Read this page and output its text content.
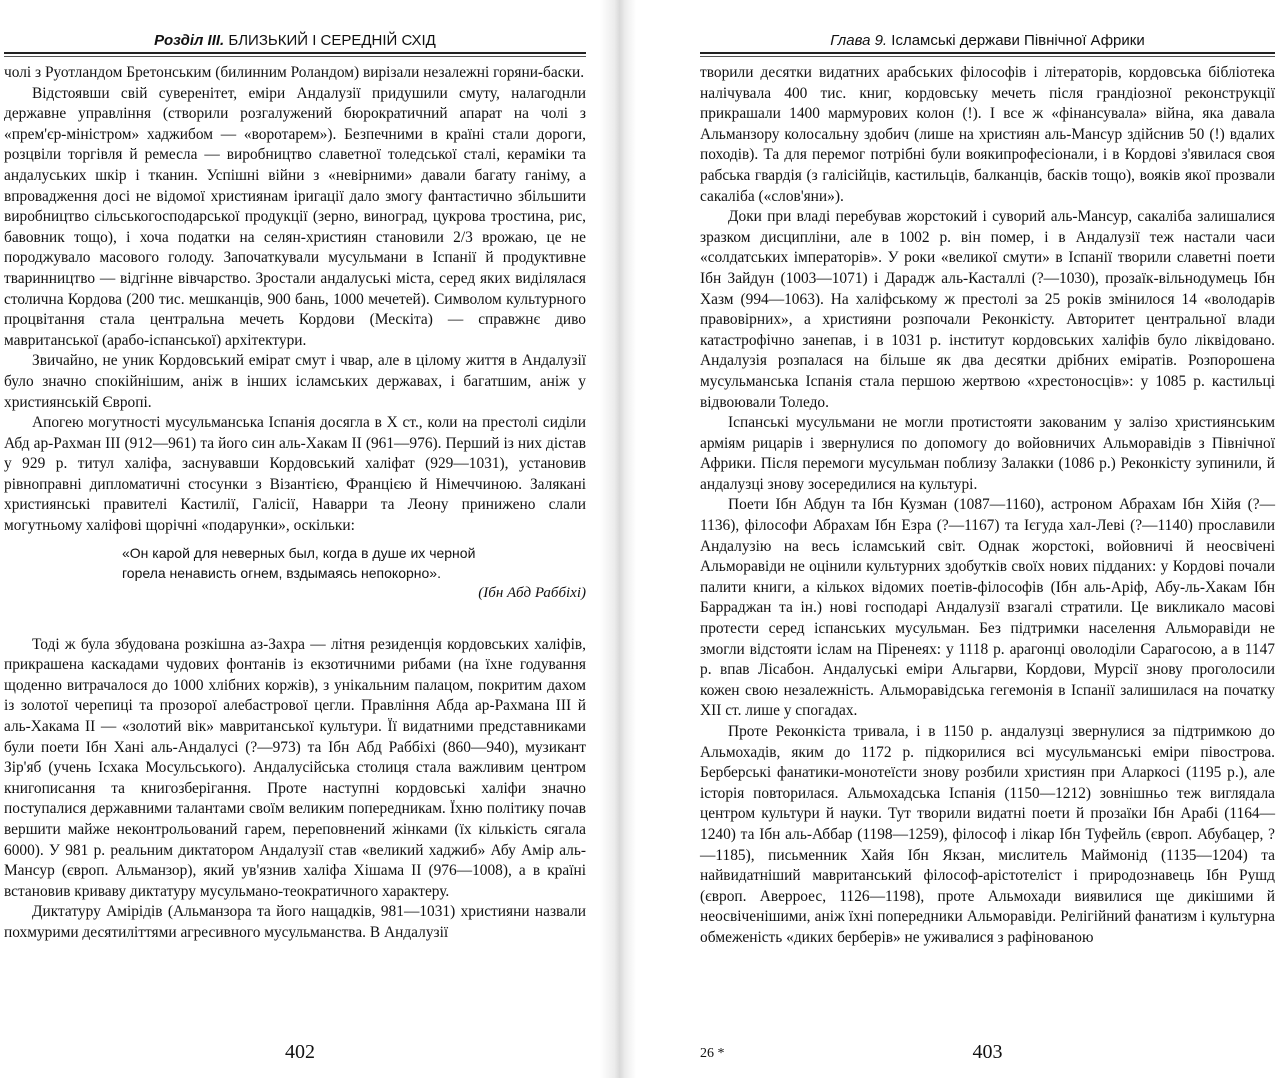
Розділ III. БЛИЗЬКИЙ І СЕРЕДНІЙ СХІД

чолі з Руотландом Бретонським (билинним Роландом) вирізали незалежні горяни-баски.

Відстоявши свій суверенітет, еміри Андалузії придушили смуту, налагоднли державне управління (створили розгалужений бюрократичний апарат на чолі з «прем'єр-міністром» хаджибом — «воротарем»). Безпечними в країні стали дороги, розцвіли торгівля й ремесла — виробництво славетної толедської сталі, кераміки та андалуських шкір і тканин. Успішні війни з «невірними» давали багату ганіму, а впровадження досі не відомої християнам іригації дало змогу фантастично збільшити виробництво сільськогосподарської продукції (зерно, виноград, цукрова тростина, рис, бавовник тощо), і хоча податки на селян-християн становили 2/3 врожаю, це не породжувало масового голоду. Започаткували мусульмани в Іспанії й продуктивне тваринництво — відгінне вівчарство. Зростали андалуські міста, серед яких виділялася столична Кордова (200 тис. мешканців, 900 бань, 1000 мечетей). Символом культурного процвітання стала центральна мечеть Кордови (Мескіта) — справжнє диво мавританської (арабо-іспанської) архітектури.

Звичайно, не уник Кордовський емірат смут і чвар, але в цілому життя в Андалузії було значно спокійнішим, аніж в інших ісламських державах, і багатшим, аніж у християнській Європі.

Апогею могутності мусульманська Іспанія досягла в X ст., коли на престолі сиділи Абд ар-Рахман III (912—961) та його син аль-Хакам II (961—976). Перший із них дістав у 929 р. титул халіфа, заснувавши Кордовський халіфат (929—1031), установив рівноправні дипломатичні стосунки з Візантією, Францією й Німеччиною. Залякані християнські правителі Кастилії, Галісії, Наварри та Леону принижено слали могутньому халіфові щорічні «подарунки», оскільки:

«Он карой для неверных был, когда в душе их черной
горела ненависть огнем, вздымаясь непокорно».
(Ібн Абд Раббіхі)

Тоді ж була збудована розкішна аз-Захра — літня резиденція кордовських халіфів, прикрашена каскадами чудових фонтанів із екзотичними рибами (на їхне годування щоденно витрачалося до 1000 хлібних коржів), з унікальним палацом, покритим дахом із золотої черепиці та прозорої алебастрової цегли. Правління Абда ар-Рахмана III й аль-Хакама II — «золотий вік» мавританської культури. Її видатними представниками були поети Ібн Хані аль-Андалусі (?—973) та Ібн Абд Раббіхі (860—940), музикант Зір'яб (учень Ісхака Мосульського). Андалусійська столиця стала важливим центром книгописання та книгозберігання. Проте наступні кордовські халіфи значно поступалися державними талантами своїм великим попередникам. Їхню політику почав вершити майже неконтрольований гарем, переповнений жінками (їх кількість сягала 6000). У 981 р. реальним диктатором Андалузії став «великий хаджиб» Абу Амір аль-Мансур (європ. Альманзор), який ув'язнив халіфа Хішама II (976—1008), а в країні встановив криваву диктатуру мусульмано-теократичного характеру.

Диктатуру Амірідів (Альманзора та його нащадків, 981—1031) християни назвали похмурими десятиліттями агресивного мусульманства. В Андалузії

402
Глава 9. Ісламські держави Північної Африки

творили десятки видатних арабських філософів і літераторів, кордовська бібліотека налічувала 400 тис. книг, кордовську мечеть після грандіозної реконструкції прикрашали 1400 мармурових колон (!). І все ж «фінансувала» війна, яка давала Альманзору колосальну здобич (лише на християн аль-Мансур здійснив 50 (!) вдалих походів). Та для перемог потрібні були воякипрофесіонали, і в Кордові з'явилася своя рабська гвардія (з галісійців, кастильців, балканців, басків тощо), вояків якої прозвали сакаліба («слов'яни»).

Доки при владі перебував жорстокий і суворий аль-Мансур, сакаліба залишалися зразком дисципліни, але в 1002 р. він помер, і в Андалузії теж настали часи «солдатських імператорів». У роки «великої смути» в Іспанії творили славетні поети Ібн Зайдун (1003—1071) і Дарадж аль-Касталлі (?—1030), прозаїк-вільнодумець Ібн Хазм (994—1063). На халіфському ж престолі за 25 років змінилося 14 «володарів правовірних», а християни розпочали Реконкісту. Авторитет центральної влади катастрофічно занепав, і в 1031 р. інститут кордовських халіфів було ліквідовано. Андалузія розпалася на більше як два десятки дрібних еміратів. Розпорошена мусульманська Іспанія стала першою жертвою «хрестоносців»: у 1085 р. кастильці відвоювали Толедо.

Іспанські мусульмани не могли протистояти закованим у залізо християнським арміям рицарів і звернулися по допомогу до войовничих Альморавідів з Північної Африки. Після перемоги мусульман поблизу Залакки (1086 р.) Реконкісту зупинили, й андалузці знову зосередилися на культурі.

Поети Ібн Абдун та Ібн Кузман (1087—1160), астроном Абрахам Ібн Хійя (?—1136), філософи Абрахам Ібн Езра (?—1167) та Ієгуда хал-Леві (?—1140) прославили Андалузію на весь ісламський світ. Однак жорстокі, войовничі й неосвічені Альморавіди не оцінили культурних здобутків своїх нових підданих: у Кордові почали палити книги, а кількох відомих поетів-філософів (Ібн аль-Аріф, Абу-ль-Хакам Ібн Барраджан та ін.) нові господарі Андалузії взагалі стратили. Це викликало масові протести серед іспанських мусульман. Без підтримки населення Альморавіди не змогли відстояти іслам на Піренеях: у 1118 р. арагонці оволоділи Сарагосою, а в 1147 р. впав Лісабон. Андалуські еміри Альгарви, Кордови, Мурсії знову проголосили кожен свою незалежність. Альморавідська гегемонія в Іспанії залишилася на початку XII ст. лише у спогадах.

Проте Реконкіста тривала, і в 1150 р. андалузці звернулися за підтримкою до Альмохадів, яким до 1172 р. підкорилися всі мусульманські еміри півострова. Берберські фанатики-монотеїсти знову розбили християн при Аларкосі (1195 р.), але історія повторилася. Альмохадська Іспанія (1150—1212) зовнішньо теж виглядала центром культури й науки. Тут творили видатні поети й прозаїки Ібн Арабі (1164—1240) та Ібн аль-Аббар (1198—1259), філософ і лікар Ібн Туфейль (європ. Абубацер, ?—1185), письменник Хайя Ібн Якзан, мислитель Маймонід (1135—1204) та найвидатніший мавританський філософ-арістотеліст і природознавець Ібн Рушд (європ. Аверроес, 1126—1198), проте Альмохади виявилися ще дикішими й неосвіченішими, аніж їхні попередники Альморавіди. Релігійний фанатизм і культурна обмеженість «диких берберів» не уживалися з рафінованою

26 *	403
